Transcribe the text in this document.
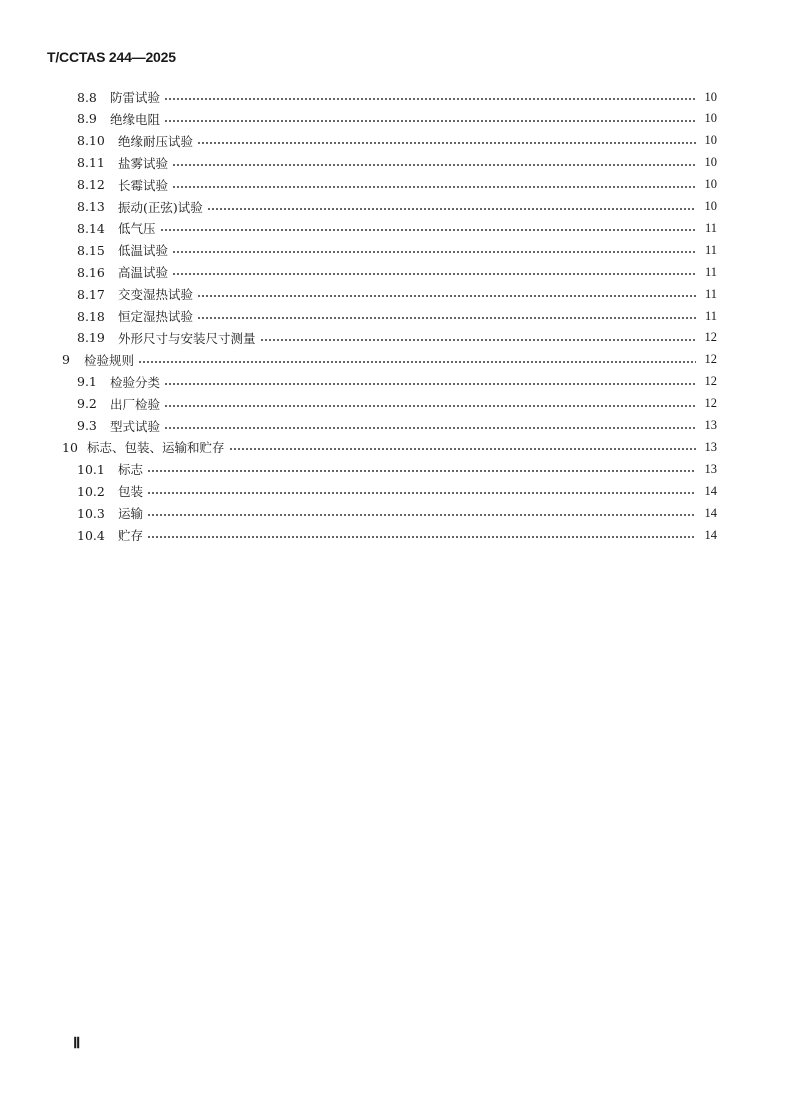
T/CCTAS 244—2025
8.8 防雷试验	10
8.9 绝缘电阻	10
8.10 绝缘耐压试验	10
8.11 盐雾试验	10
8.12 长霉试验	10
8.13 振动(正弦)试验	10
8.14 低气压	11
8.15 低温试验	11
8.16 高温试验	11
8.17 交变湿热试验	11
8.18 恒定湿热试验	11
8.19 外形尺寸与安装尺寸测量	12
9 检验规则	12
9.1 检验分类	12
9.2 出厂检验	12
9.3 型式试验	13
10 标志、包装、运输和贮存	13
10.1 标志	13
10.2 包装	14
10.3 运输	14
10.4 贮存	14
Ⅱ
